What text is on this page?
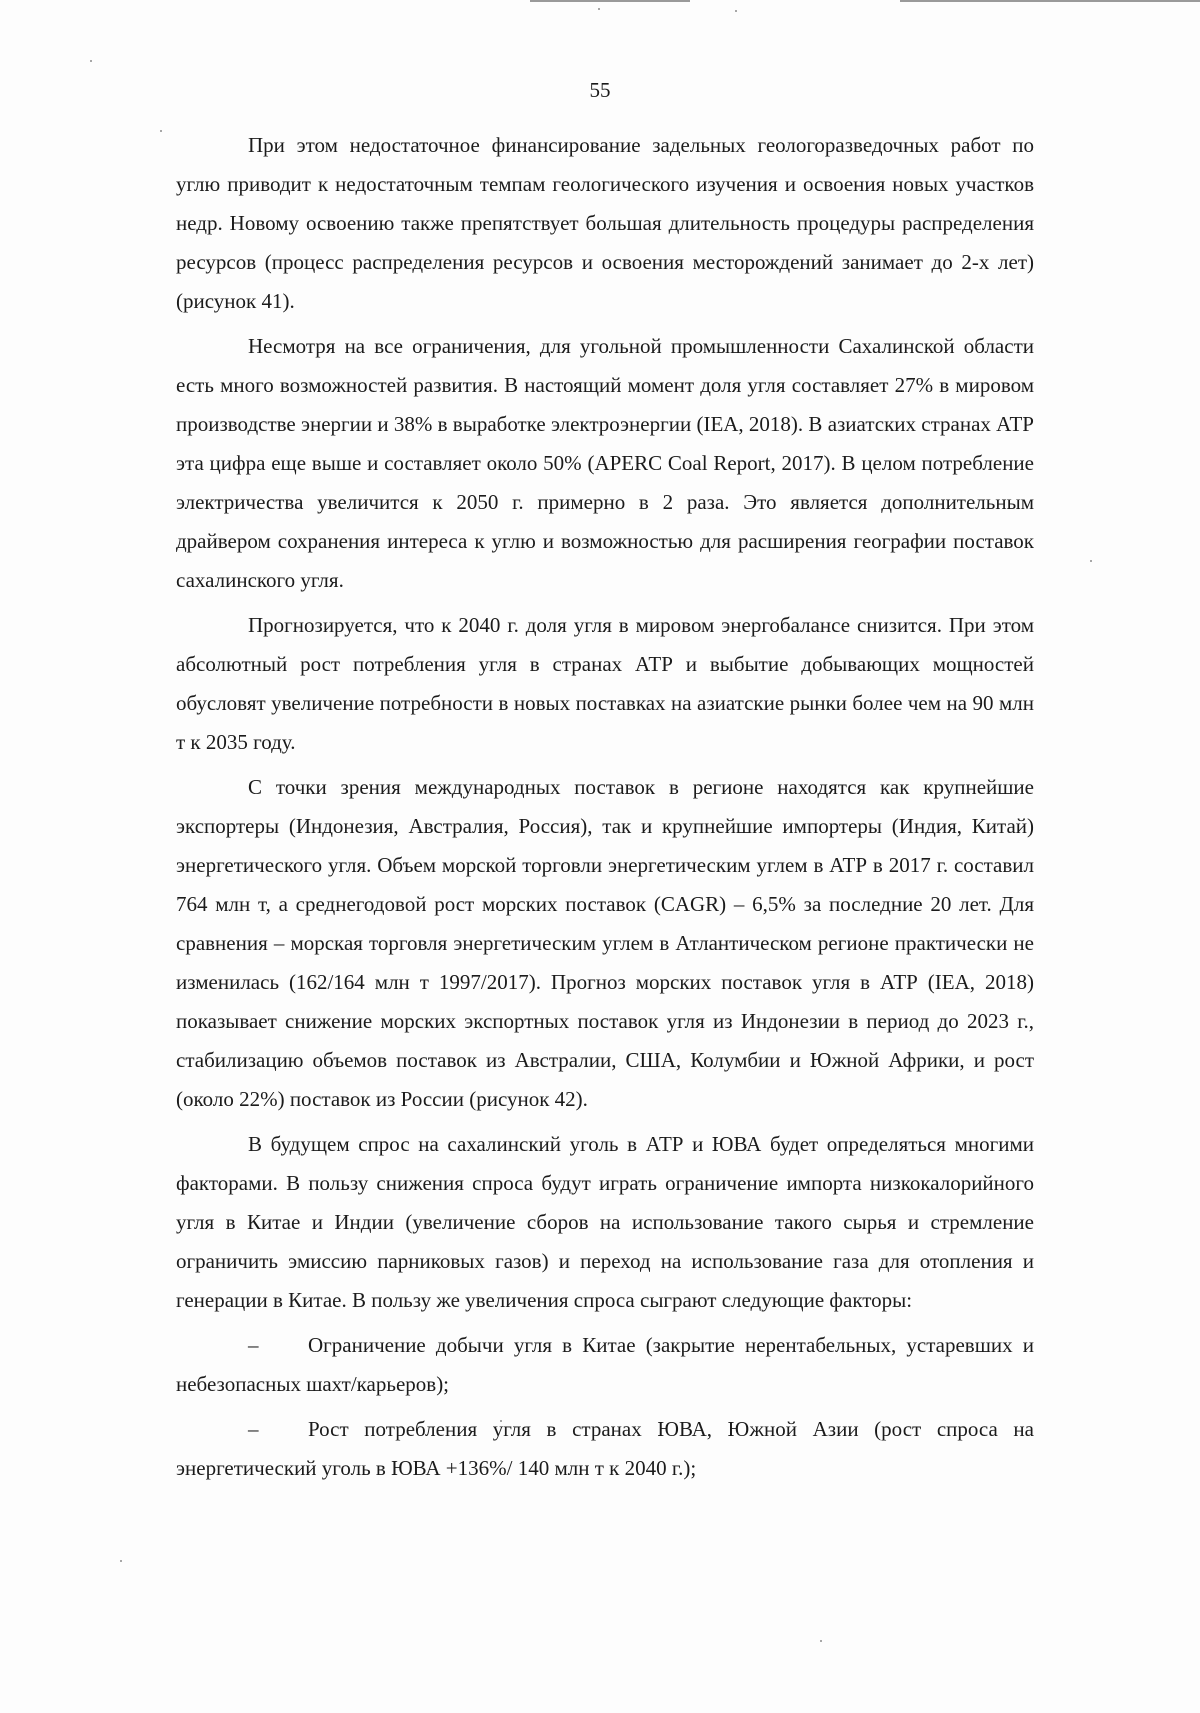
55

При этом недостаточное финансирование задельных геологоразведочных работ по углю приводит к недостаточным темпам геологического изучения и освоения новых участков недр. Новому освоению также препятствует большая длительность процедуры распределения ресурсов (процесс распределения ресурсов и освоения месторождений занимает до 2-х лет) (рисунок 41).

Несмотря на все ограничения, для угольной промышленности Сахалинской области есть много возможностей развития. В настоящий момент доля угля составляет 27% в мировом производстве энергии и 38% в выработке электроэнергии (IEA, 2018). В азиатских странах АТР эта цифра еще выше и составляет около 50% (APERC Coal Report, 2017). В целом потребление электричества увеличится к 2050 г. примерно в 2 раза. Это является дополнительным драйвером сохранения интереса к углю и возможностью для расширения географии поставок сахалинского угля.

Прогнозируется, что к 2040 г. доля угля в мировом энергобалансе снизится. При этом абсолютный рост потребления угля в странах АТР и выбытие добывающих мощностей обусловят увеличение потребности в новых поставках на азиатские рынки более чем на 90 млн т к 2035 году.

С точки зрения международных поставок в регионе находятся как крупнейшие экспортеры (Индонезия, Австралия, Россия), так и крупнейшие импортеры (Индия, Китай) энергетического угля. Объем морской торговли энергетическим углем в АТР в 2017 г. составил 764 млн т, а среднегодовой рост морских поставок (CAGR) – 6,5% за последние 20 лет. Для сравнения – морская торговля энергетическим углем в Атлантическом регионе практически не изменилась (162/164 млн т 1997/2017). Прогноз морских поставок угля в АТР (IEA, 2018) показывает снижение морских экспортных поставок угля из Индонезии в период до 2023 г., стабилизацию объемов поставок из Австралии, США, Колумбии и Южной Африки, и рост (около 22%) поставок из России (рисунок 42).

В будущем спрос на сахалинский уголь в АТР и ЮВА будет определяться многими факторами. В пользу снижения спроса будут играть ограничение импорта низкокалорийного угля в Китае и Индии (увеличение сборов на использование такого сырья и стремление ограничить эмиссию парниковых газов) и переход на использование газа для отопления и генерации в Китае. В пользу же увеличения спроса сыграют следующие факторы:

– Ограничение добычи угля в Китае (закрытие нерентабельных, устаревших и небезопасных шахт/карьеров);

– Рост потребления угля в странах ЮВА, Южной Азии (рост спроса на энергетический уголь в ЮВА +136%/ 140 млн т к 2040 г.);
